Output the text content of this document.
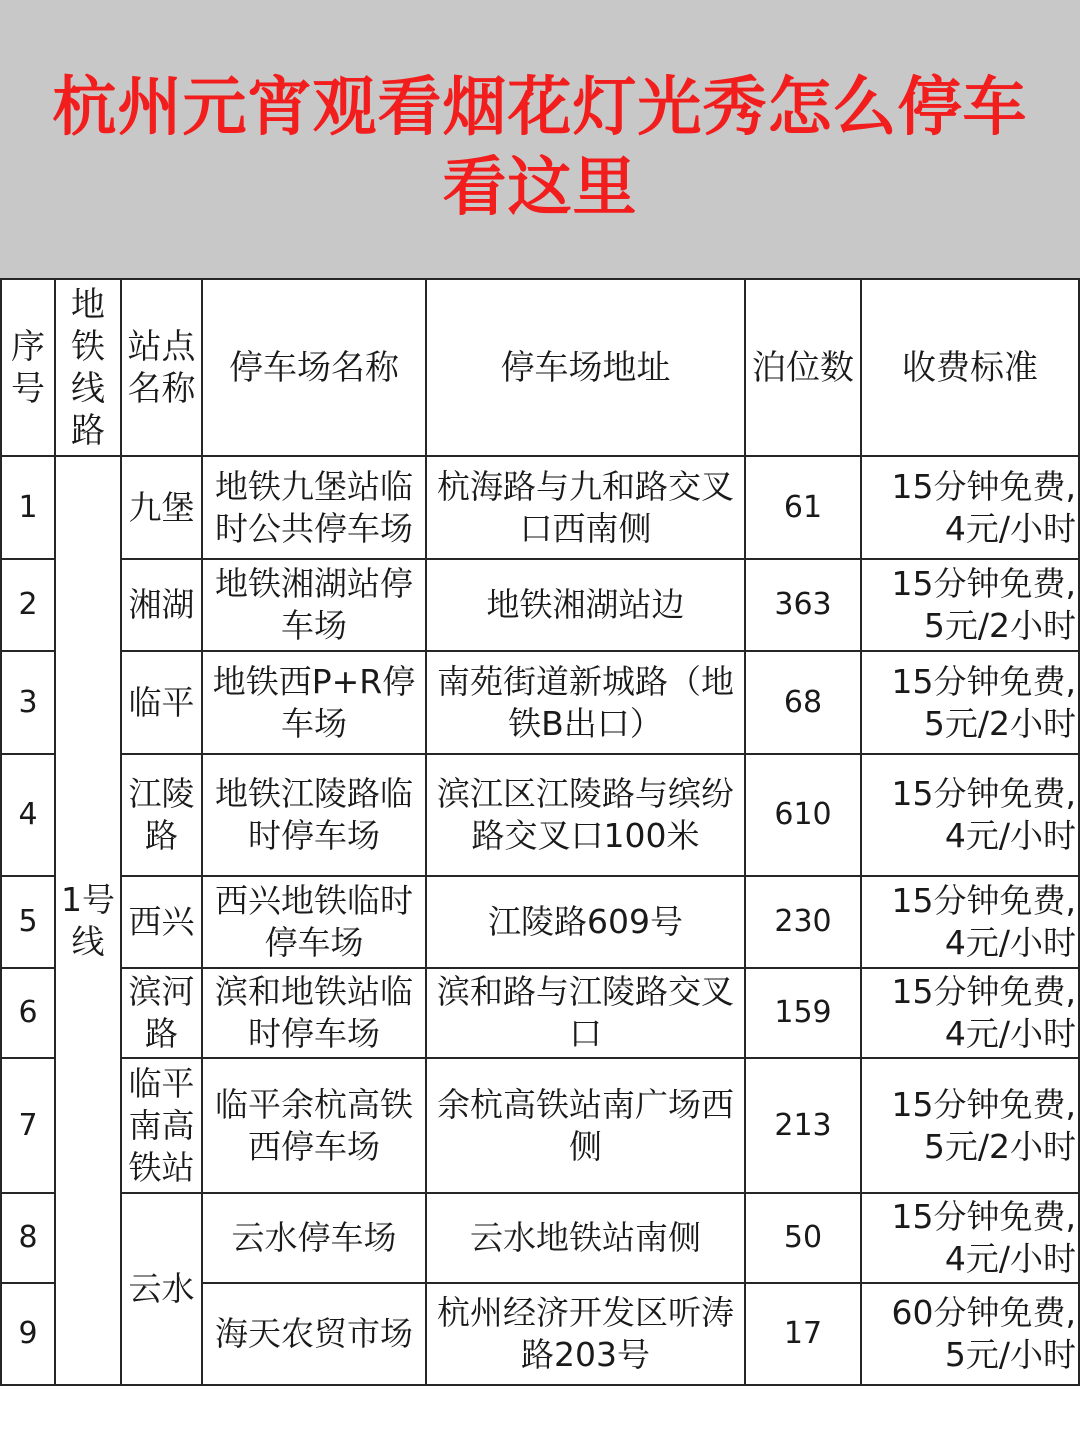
杭州元宵观看烟花灯光秀怎么停车
看这里
序号	地铁线路	站点名称	停车场名称	停车场地址	泊位数	收费标准
1	1号线	九堡	地铁九堡站临时公共停车场	杭海路与九和路交叉口西南侧	61	15分钟免费,
4元/小时
2		湘湖	地铁湘湖站停车场	地铁湘湖站边	363	15分钟免费,
5元/2小时
3		临平	地铁西P+R停车场	南苑街道新城路（地铁B出口）	68	15分钟免费,
5元/2小时
4		江陵路	地铁江陵路临时停车场	滨江区江陵路与缤纷路交叉口100米	610	15分钟免费,
4元/小时
5		西兴	西兴地铁临时停车场	江陵路609号	230	15分钟免费,
4元/小时
6		滨河路	滨和地铁站临时停车场	滨和路与江陵路交叉口	159	15分钟免费,
4元/小时
7		临平南高铁站	临平余杭高铁西停车场	余杭高铁站南广场西侧	213	15分钟免费,
5元/2小时
8		云水	云水停车场	云水地铁站南侧	50	15分钟免费,
4元/小时
9			海天农贸市场	杭州经济开发区听涛路203号	17	60分钟免费,
5元/小时
